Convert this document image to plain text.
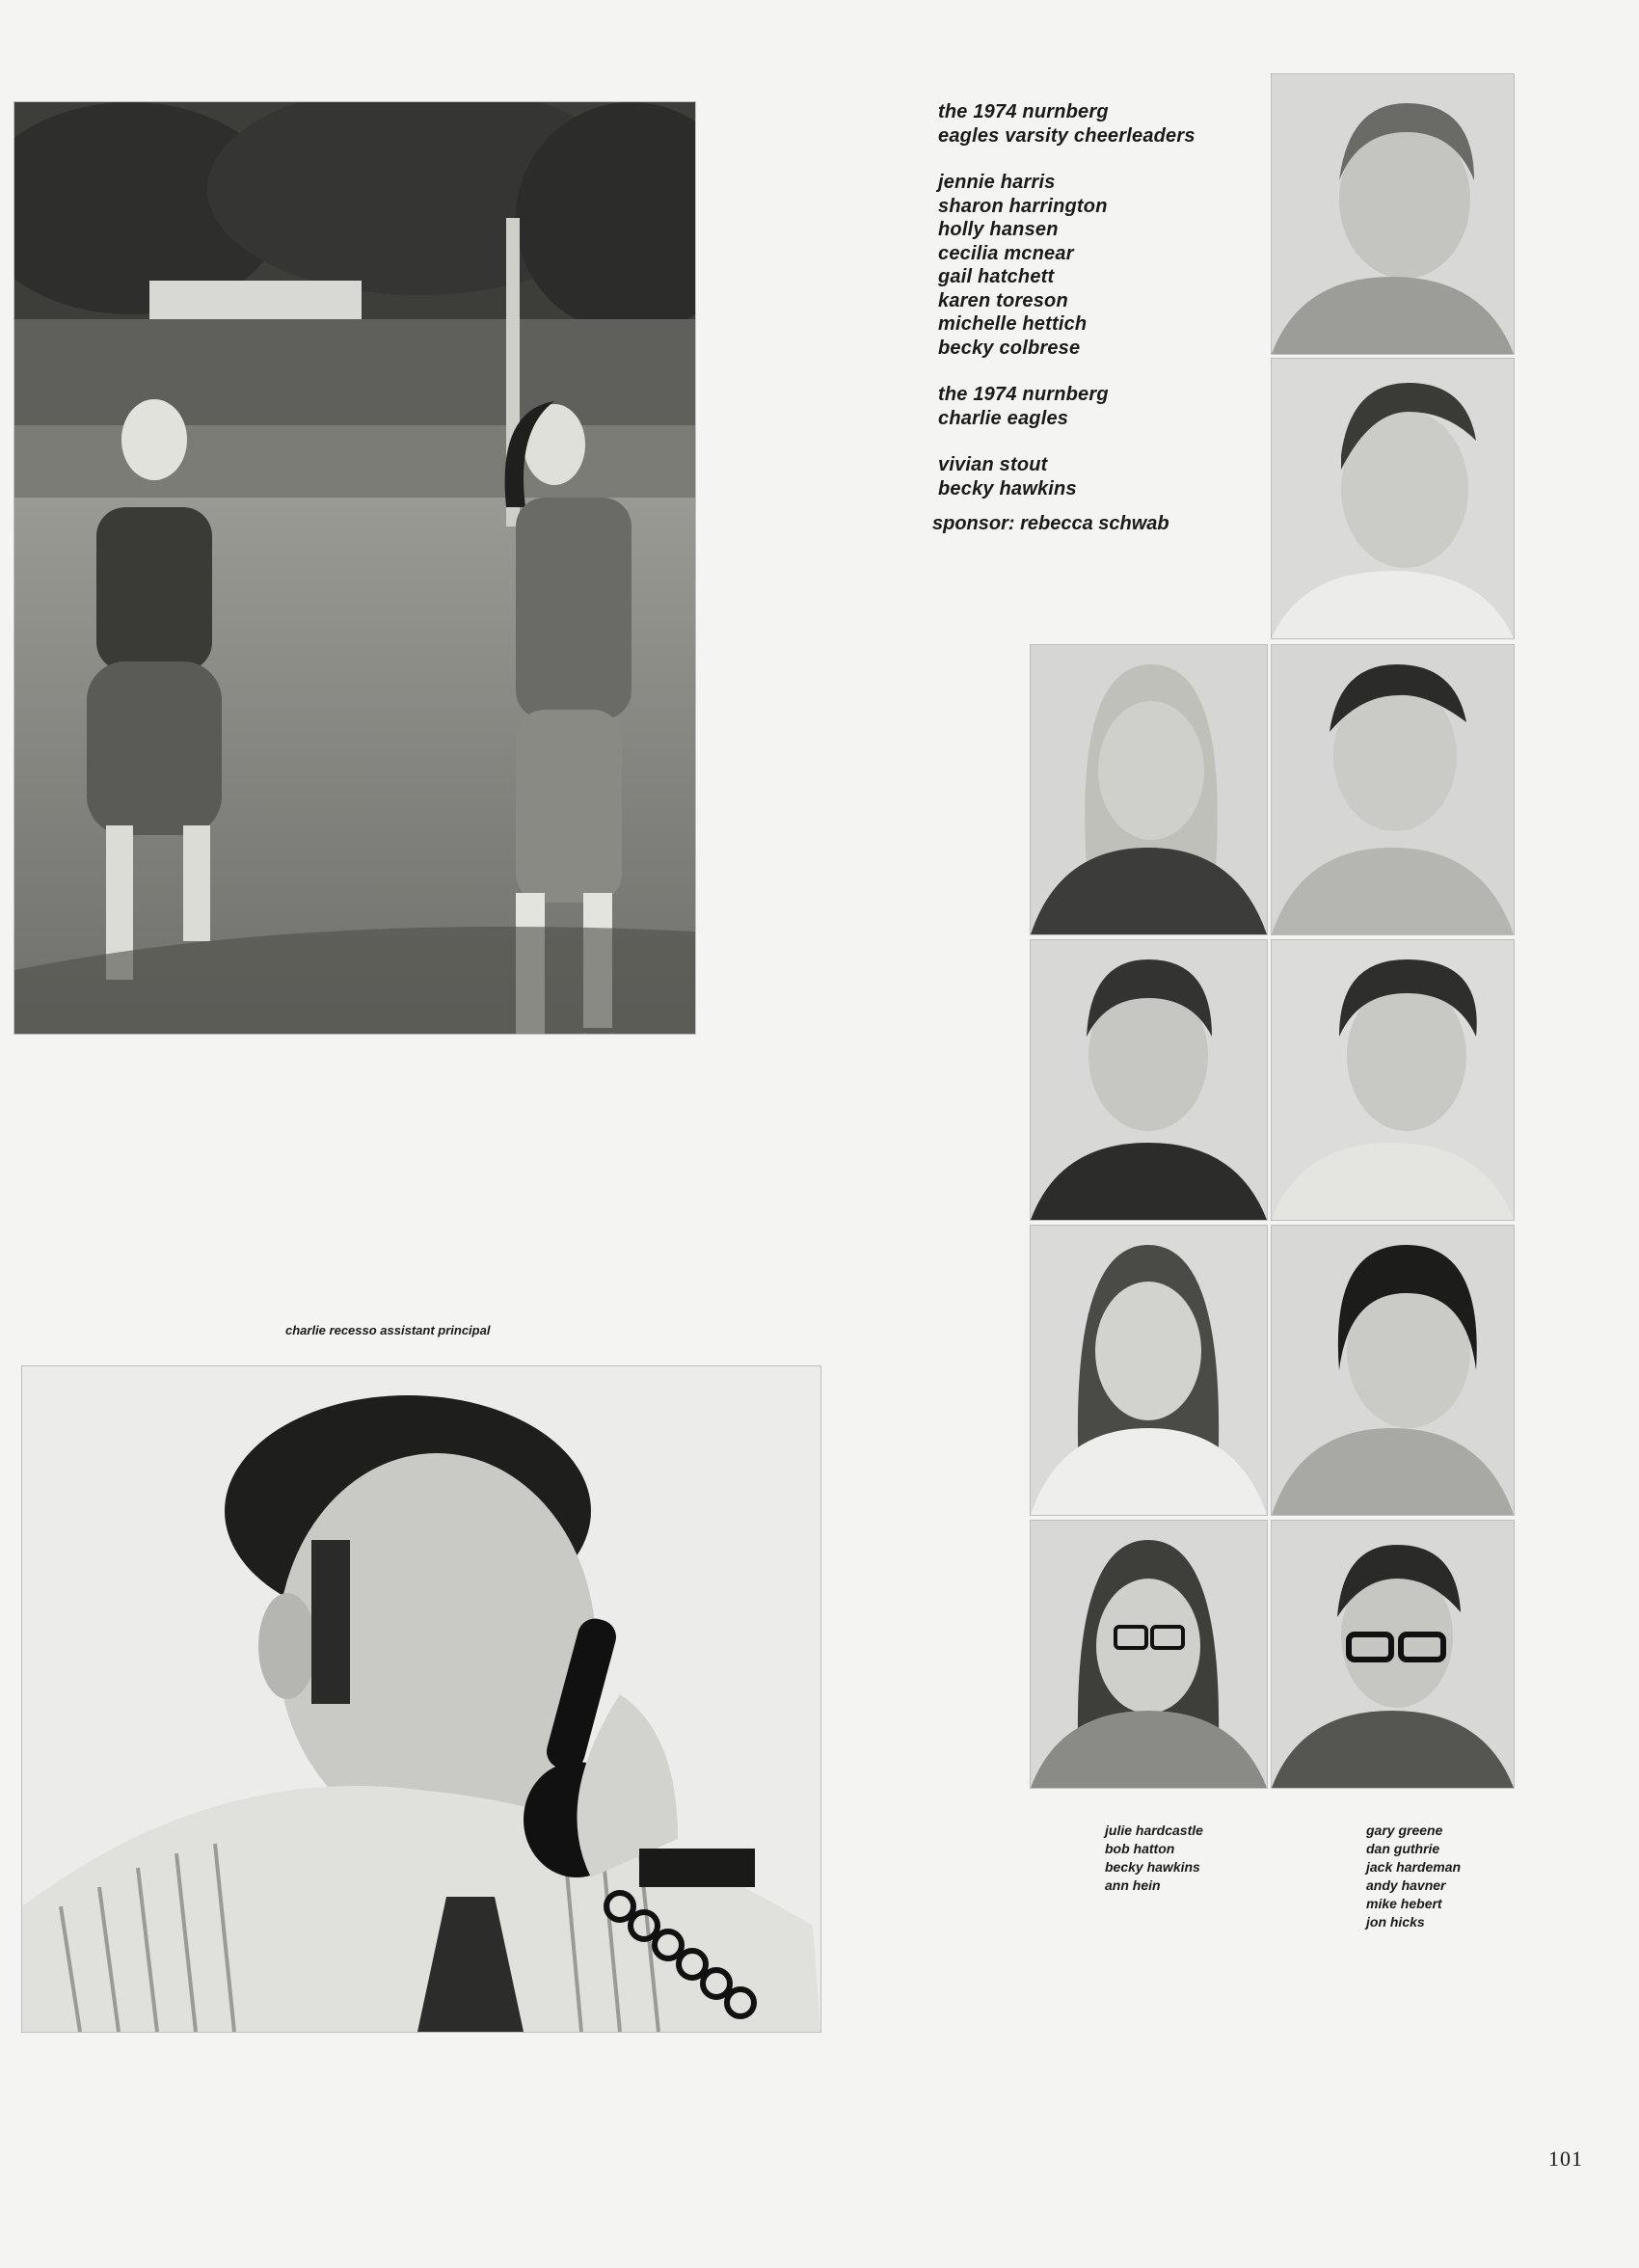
the 1974 nurnberg
eagles varsity cheerleaders
jennie harris
sharon harrington
holly hansen
cecilia mcnear
gail hatchett
karen toreson
michelle hettich
becky colbrese
the 1974 nurnberg
charlie eagles
vivian stout
becky hawkins
sponsor: rebecca schwab
charlie recesso assistant principal
julie hardcastle
bob hatton
becky hawkins
ann hein
gary greene
dan guthrie
jack hardeman
andy havner
mike hebert
jon hicks
101
